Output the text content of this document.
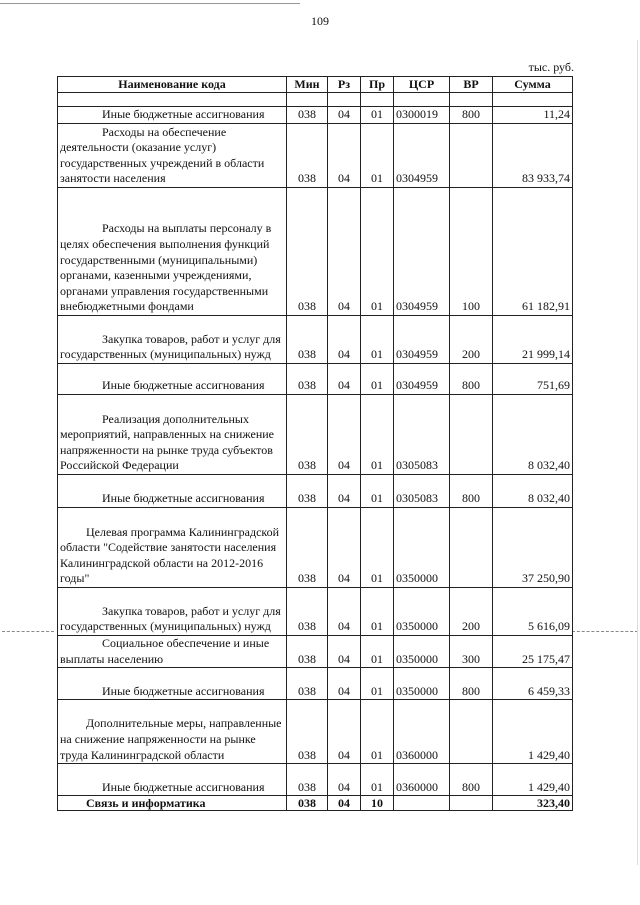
109
тыс. руб.
Наименование кода	Мин	Рз	Пр	ЦСР	ВР	Сумма

Иные бюджетные ассигнования	038	04	01	0300019	800	11,24

Расходы на обеспечение деятельности (оказание услуг) государственных учреждений в области занятости населения	038	04	01	0304959		83 933,74

Расходы на выплаты персоналу в целях обеспечения выполнения функций государственными (муниципальными) органами, казенными учреждениями, органами управления государственными внебюджетными фондами	038	04	01	0304959	100	61 182,91

Закупка товаров, работ и услуг для государственных (муниципальных) нужд	038	04	01	0304959	200	21 999,14

Иные бюджетные ассигнования	038	04	01	0304959	800	751,69

Реализация дополнительных мероприятий, направленных на снижение напряженности на рынке труда субъектов Российской Федерации	038	04	01	0305083		8 032,40

Иные бюджетные ассигнования	038	04	01	0305083	800	8 032,40

Целевая программа Калининградской области "Содействие занятости населения Калининградской области на 2012-2016 годы"	038	04	01	0350000		37 250,90

Закупка товаров, работ и услуг для государственных (муниципальных) нужд	038	04	01	0350000	200	5 616,09

Социальное обеспечение и иные выплаты населению	038	04	01	0350000	300	25 175,47

Иные бюджетные ассигнования	038	04	01	0350000	800	6 459,33

Дополнительные меры, направленные на снижение напряженности на рынке труда Калининградской области	038	04	01	0360000		1 429,40

Иные бюджетные ассигнования	038	04	01	0360000	800	1 429,40

Связь и информатика	038	04	10			323,40
